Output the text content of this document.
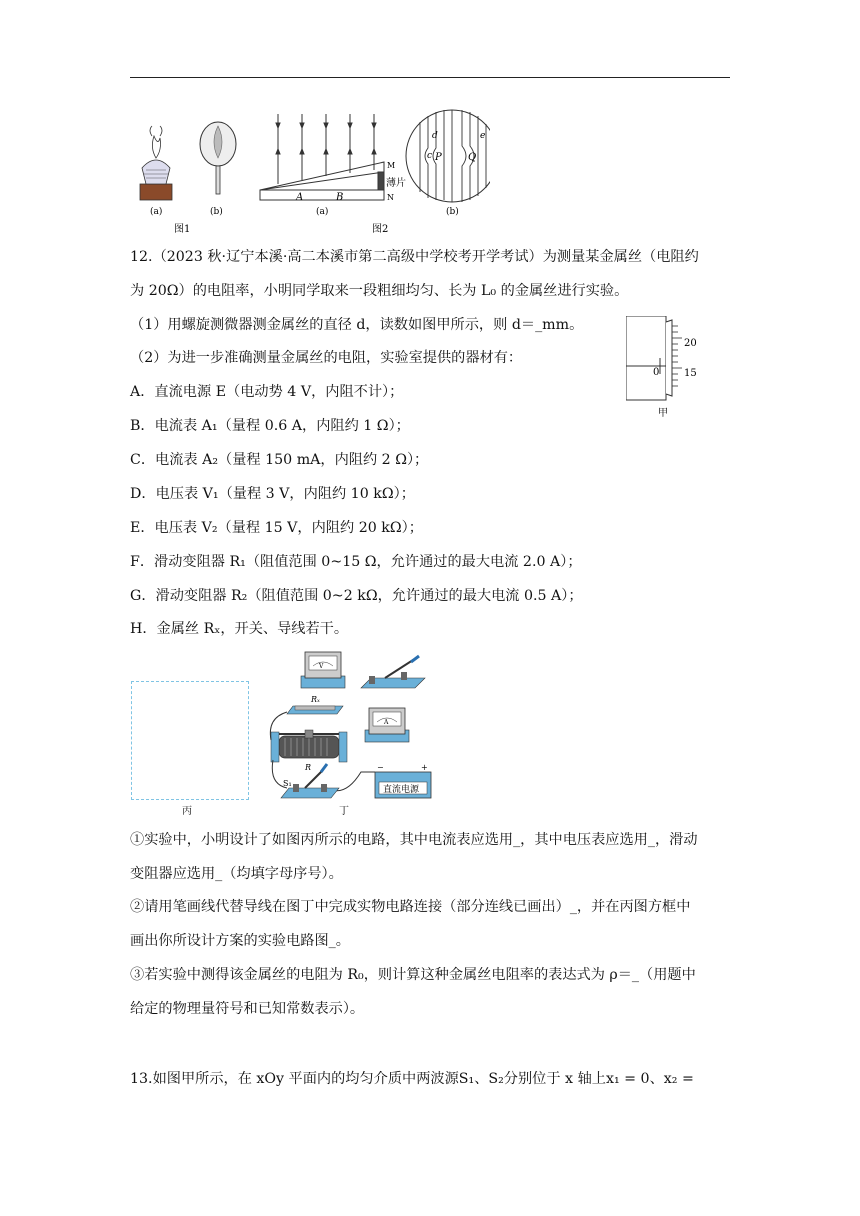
(a)	(b)
图1
M
N
薄片
A	B
(a)
P	Q
d
c
e
(b)
图2
12.（2023 秋·辽宁本溪·高二本溪市第二高级中学校考开学考试）为测量某金属丝（电阻约
为 20Ω）的电阻率，小明同学取来一段粗细均匀、长为 L₀ 的金属丝进行实验。
（1）用螺旋测微器测金属丝的直径 d，读数如图甲所示，则 d＝_mm。
（2）为进一步准确测量金属丝的电阻，实验室提供的器材有：
A．直流电源 E（电动势 4 V，内阻不计）；
B．电流表 A₁（量程 0.6 A，内阻约 1 Ω）；
C．电流表 A₂（量程 150 mA，内阻约 2 Ω）；
D．电压表 V₁（量程 3 V，内阻约 10 kΩ）；
E．电压表 V₂（量程 15 V，内阻约 20 kΩ）；
F．滑动变阻器 R₁（阻值范围 0~15 Ω，允许通过的最大电流 2.0 A）；
G．滑动变阻器 R₂（阻值范围 0~2 kΩ，允许通过的最大电流 0.5 A）；
H．金属丝 Rₓ，开关、导线若干。
20
15
0
甲
丙
V
Rₓ
A
R
S₁
直流电源
−	+
丁
①实验中，小明设计了如图丙所示的电路，其中电流表应选用_，其中电压表应选用_，滑动
变阻器应选用_（均填字母序号）。
②请用笔画线代替导线在图丁中完成实物电路连接（部分连线已画出）_，并在丙图方框中
画出你所设计方案的实验电路图_。
③若实验中测得该金属丝的电阻为 R₀，则计算这种金属丝电阻率的表达式为 ρ＝_（用题中
给定的物理量符号和已知常数表示）。
13.如图甲所示，在 xOy 平面内的均匀介质中两波源S₁、S₂分别位于 x 轴上x₁ = 0、x₂ =
